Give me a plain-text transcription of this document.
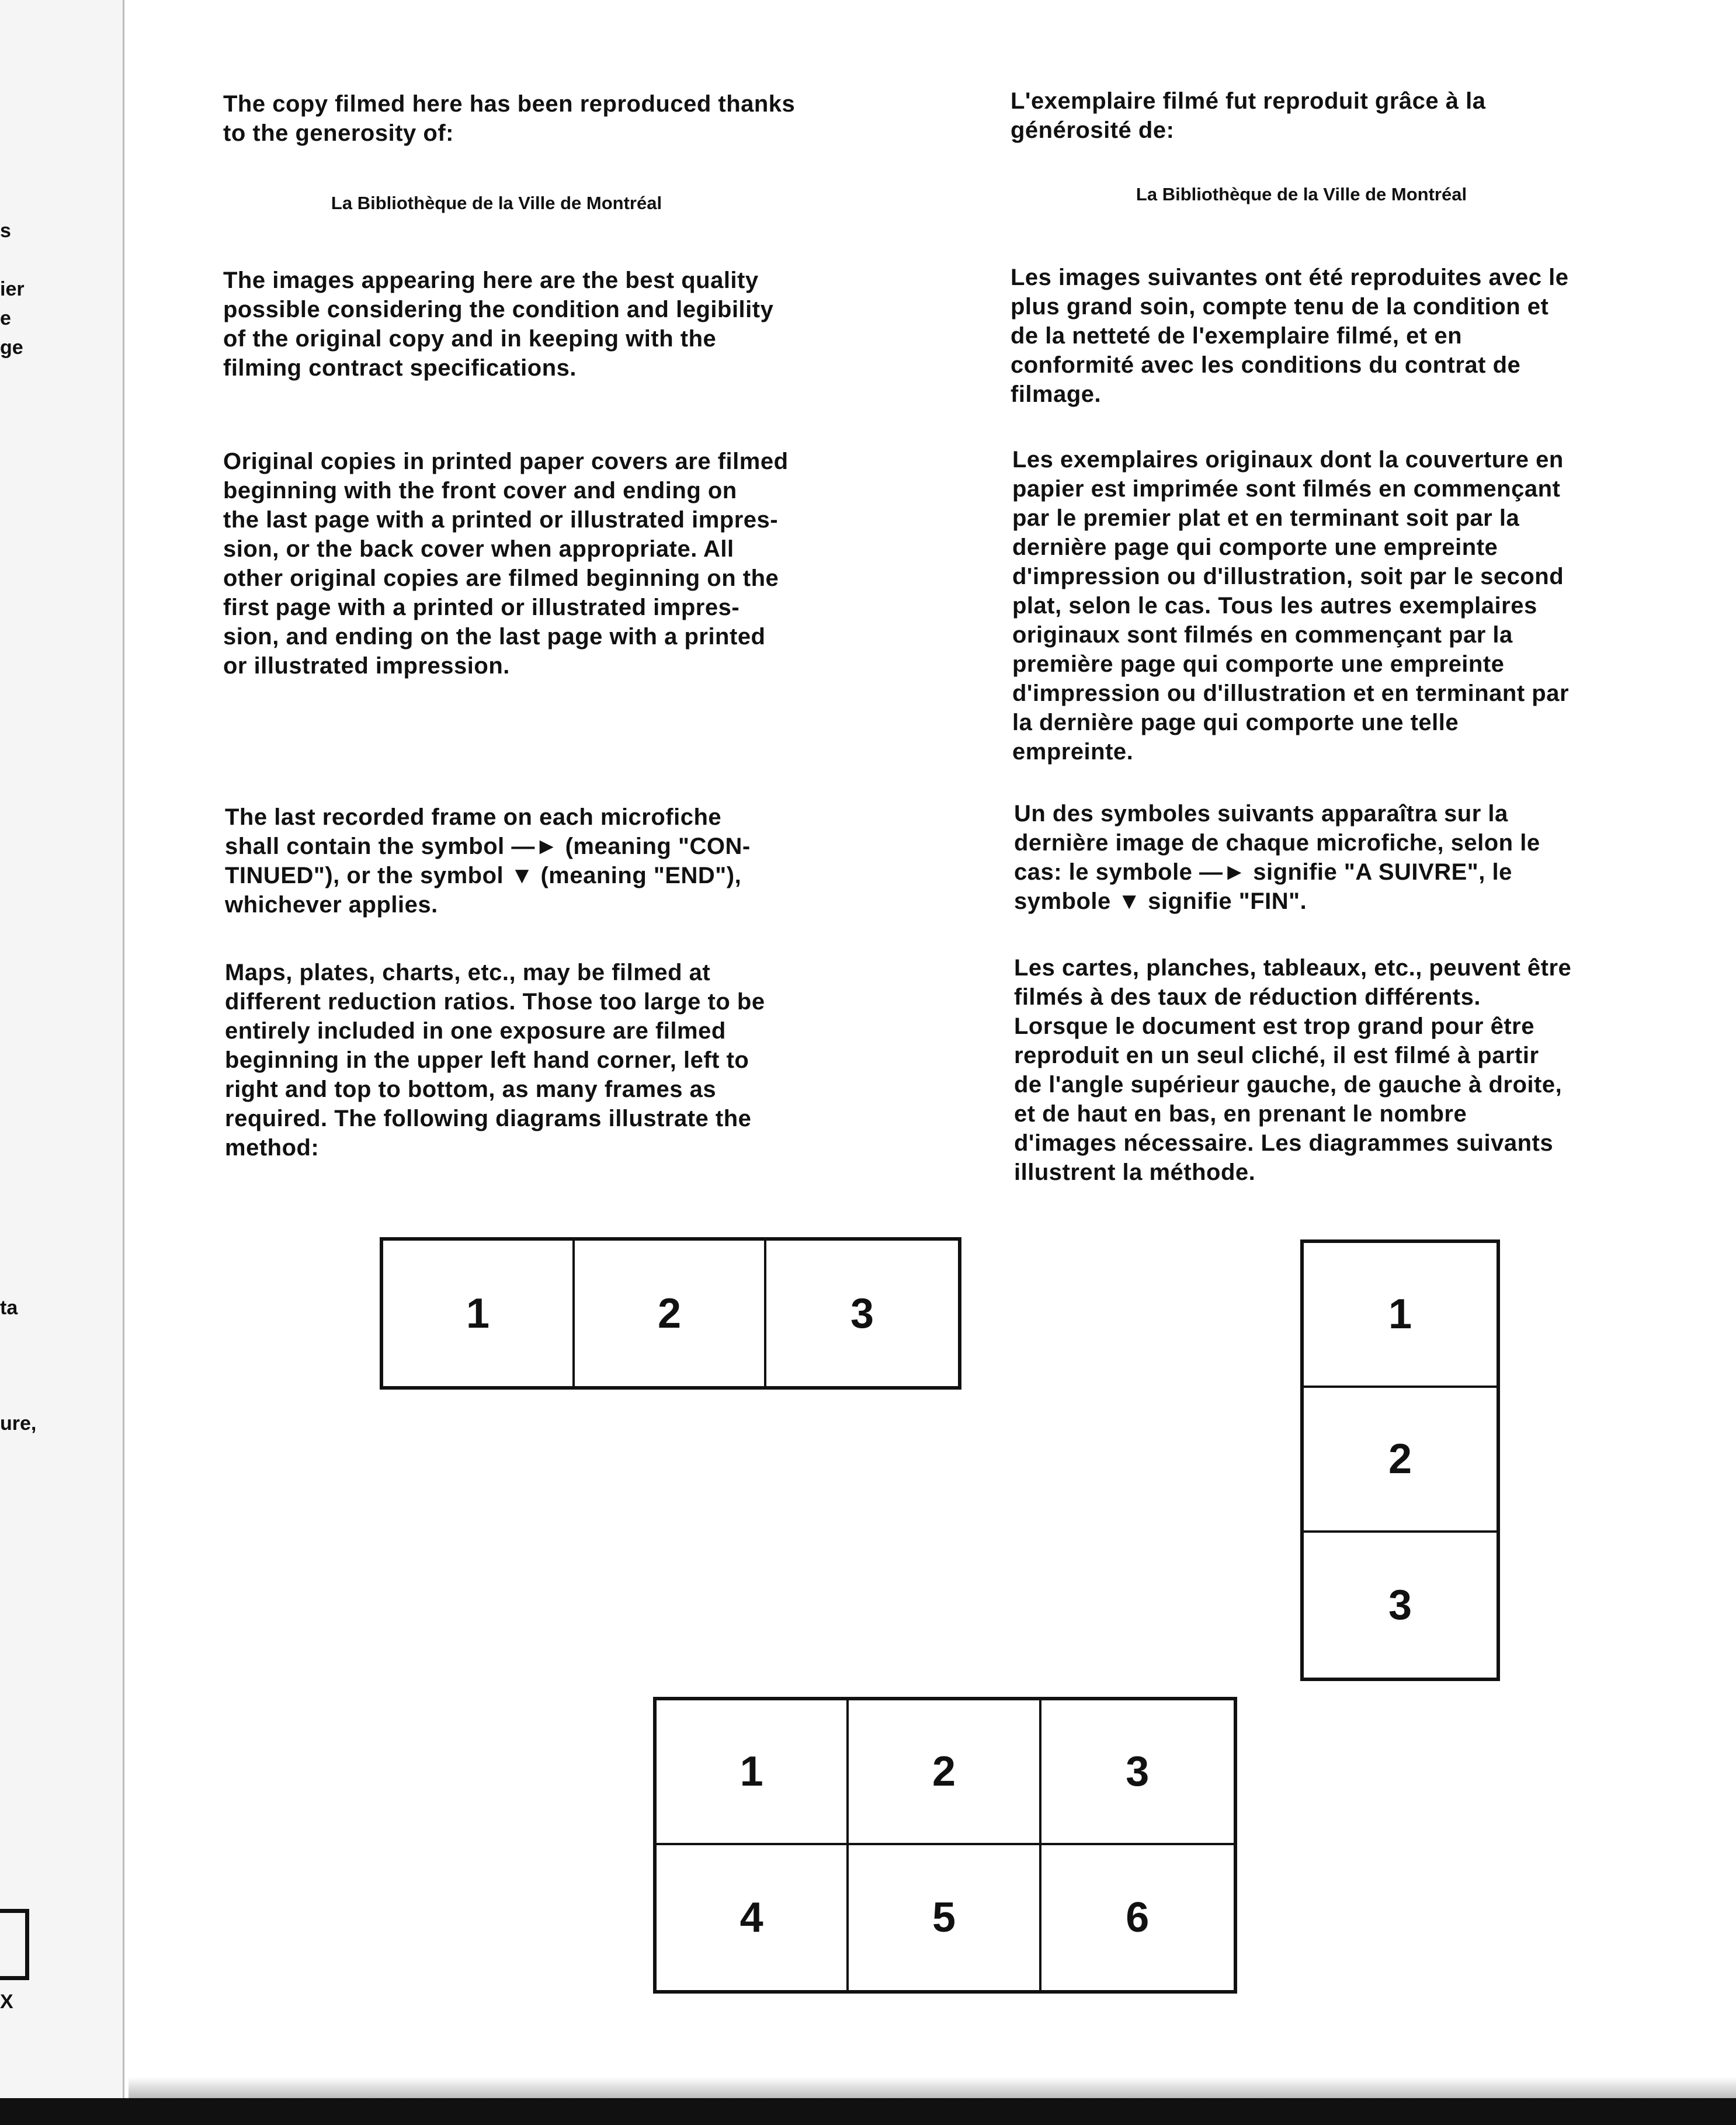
s

ier

e

ge

ta

ure,

X

The copy filmed here has been reproduced thanks
to the generosity of:

La Bibliothèque de la Ville de Montréal

The images appearing here are the best quality
possible considering the condition and legibility
of the original copy and in keeping with the
filming contract specifications.

Original copies in printed paper covers are filmed
beginning with the front cover and ending on
the last page with a printed or illustrated impres-
sion, or the back cover when appropriate. All
other original copies are filmed beginning on the
first page with a printed or illustrated impres-
sion, and ending on the last page with a printed
or illustrated impression.

The last recorded frame on each microfiche
shall contain the symbol —► (meaning "CON-
TINUED"), or the symbol ▼ (meaning "END"),
whichever applies.

Maps, plates, charts, etc., may be filmed at
different reduction ratios. Those too large to be
entirely included in one exposure are filmed
beginning in the upper left hand corner, left to
right and top to bottom, as many frames as
required. The following diagrams illustrate the
method:

L'exemplaire filmé fut reproduit grâce à la
générosité de:

La Bibliothèque de la Ville de Montréal

Les images suivantes ont été reproduites avec le
plus grand soin, compte tenu de la condition et
de la netteté de l'exemplaire filmé, et en
conformité avec les conditions du contrat de
filmage.

Les exemplaires originaux dont la couverture en
papier est imprimée sont filmés en commençant
par le premier plat et en terminant soit par la
dernière page qui comporte une empreinte
d'impression ou d'illustration, soit par le second
plat, selon le cas. Tous les autres exemplaires
originaux sont filmés en commençant par la
première page qui comporte une empreinte
d'impression ou d'illustration et en terminant par
la dernière page qui comporte une telle
empreinte.

Un des symboles suivants apparaîtra sur la
dernière image de chaque microfiche, selon le
cas: le symbole —► signifie "A SUIVRE", le
symbole ▼ signifie "FIN".

Les cartes, planches, tableaux, etc., peuvent être
filmés à des taux de réduction différents.
Lorsque le document est trop grand pour être
reproduit en un seul cliché, il est filmé à partir
de l'angle supérieur gauche, de gauche à droite,
et de haut en bas, en prenant le nombre
d'images nécessaire. Les diagrammes suivants
illustrent la méthode.

1	2	3	1
2
3
1	2	3
4	5	6
